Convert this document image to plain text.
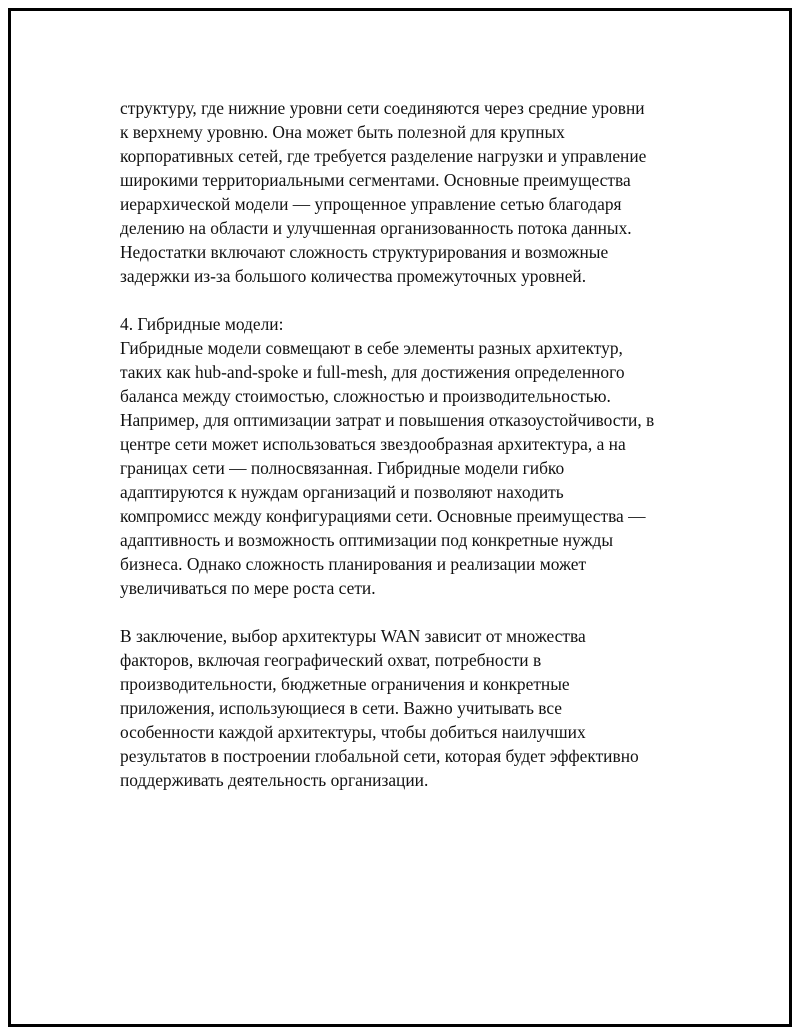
структуру, где нижние уровни сети соединяются через средние уровни
к верхнему уровню. Она может быть полезной для крупных
корпоративных сетей, где требуется разделение нагрузки и управление
широкими территориальными сегментами. Основные преимущества
иерархической модели — упрощенное управление сетью благодаря
делению на области и улучшенная организованность потока данных.
Недостатки включают сложность структурирования и возможные
задержки из-за большого количества промежуточных уровней.

4. Гибридные модели:

Гибридные модели совмещают в себе элементы разных архитектур,
таких как hub-and-spoke и full-mesh, для достижения определенного
баланса между стоимостью, сложностью и производительностью.
Например, для оптимизации затрат и повышения отказоустойчивости, в
центре сети может использоваться звездообразная архитектура, а на
границах сети — полносвязанная. Гибридные модели гибко
адаптируются к нуждам организаций и позволяют находить
компромисс между конфигурациями сети. Основные преимущества —
адаптивность и возможность оптимизации под конкретные нужды
бизнеса. Однако сложность планирования и реализации может
увеличиваться по мере роста сети.

В заключение, выбор архитектуры WAN зависит от множества
факторов, включая географический охват, потребности в
производительности, бюджетные ограничения и конкретные
приложения, использующиеся в сети. Важно учитывать все
особенности каждой архитектуры, чтобы добиться наилучших
результатов в построении глобальной сети, которая будет эффективно
поддерживать деятельность организации.
